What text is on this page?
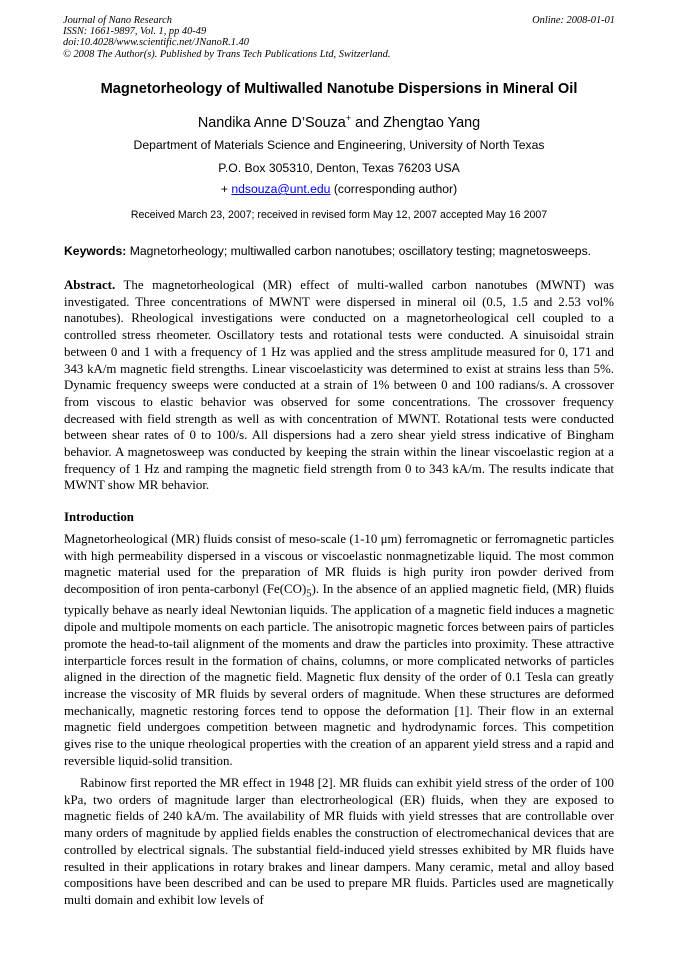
Journal of Nano Research
ISSN: 1661-9897, Vol. 1, pp 40-49
doi:10.4028/www.scientific.net/JNanoR.1.40
© 2008 The Author(s). Published by Trans Tech Publications Ltd, Switzerland.
Online: 2008-01-01
Magnetorheology of Multiwalled Nanotube Dispersions in Mineral Oil
Nandika Anne D’Souza+ and Zhengtao Yang
Department of Materials Science and Engineering, University of North Texas
P.O. Box 305310, Denton, Texas 76203 USA
+ ndsouza@unt.edu (corresponding author)
Received March 23, 2007; received in revised form May 12, 2007 accepted May 16 2007
Keywords: Magnetorheology; multiwalled carbon nanotubes; oscillatory testing; magnetosweeps.

Abstract. The magnetorheological (MR) effect of multi-walled carbon nanotubes (MWNT) was investigated. Three concentrations of MWNT were dispersed in mineral oil (0.5, 1.5 and 2.53 vol% nanotubes). Rheological investigations were conducted on a magnetorheological cell coupled to a controlled stress rheometer. Oscillatory tests and rotational tests were conducted. A sinuisoidal strain between 0 and 1 with a frequency of 1 Hz was applied and the stress amplitude measured for 0, 171 and 343 kA/m magnetic field strengths. Linear viscoelasticity was determined to exist at strains less than 5%. Dynamic frequency sweeps were conducted at a strain of 1% between 0 and 100 radians/s. A crossover from viscous to elastic behavior was observed for some concentrations. The crossover frequency decreased with field strength as well as with concentration of MWNT. Rotational tests were conducted between shear rates of 0 to 100/s. All dispersions had a zero shear yield stress indicative of Bingham behavior. A magnetosweep was conducted by keeping the strain within the linear viscoelastic region at a frequency of 1 Hz and ramping the magnetic field strength from 0 to 343 kA/m. The results indicate that MWNT show MR behavior.

Introduction

Magnetorheological (MR) fluids consist of meso-scale (1-10 μm) ferromagnetic or ferromagnetic particles with high permeability dispersed in a viscous or viscoelastic nonmagnetizable liquid. The most common magnetic material used for the preparation of MR fluids is high purity iron powder derived from decomposition of iron penta-carbonyl $(Fe(CO)_5)$. In the absence of an applied magnetic field, (MR) fluids typically behave as nearly ideal Newtonian liquids. The application of a magnetic field induces a magnetic dipole and multipole moments on each particle. The anisotropic magnetic forces between pairs of particles promote the head-to-tail alignment of the moments and draw the particles into proximity. These attractive interparticle forces result in the formation of chains, columns, or more complicated networks of particles aligned in the direction of the magnetic field. Magnetic flux density of the order of 0.1 Tesla can greatly increase the viscosity of MR fluids by several orders of magnitude. When these structures are deformed mechanically, magnetic restoring forces tend to oppose the deformation [1]. Their flow in an external magnetic field undergoes competition between magnetic and hydrodynamic forces. This competition gives rise to the unique rheological properties with the creation of an apparent yield stress and a rapid and reversible liquid-solid transition.

Rabinow first reported the MR effect in 1948 [2]. MR fluids can exhibit yield stress of the order of 100 kPa, two orders of magnitude larger than electrorheological (ER) fluids, when they are exposed to magnetic fields of 240 kA/m. The availability of MR fluids with yield stresses that are controllable over many orders of magnitude by applied fields enables the construction of electromechanical devices that are controlled by electrical signals. The substantial field-induced yield stresses exhibited by MR fluids have resulted in their applications in rotary brakes and linear dampers. Many ceramic, metal and alloy based compositions have been described and can be used to prepare MR fluids. Particles used are magnetically multi domain and exhibit low levels of
